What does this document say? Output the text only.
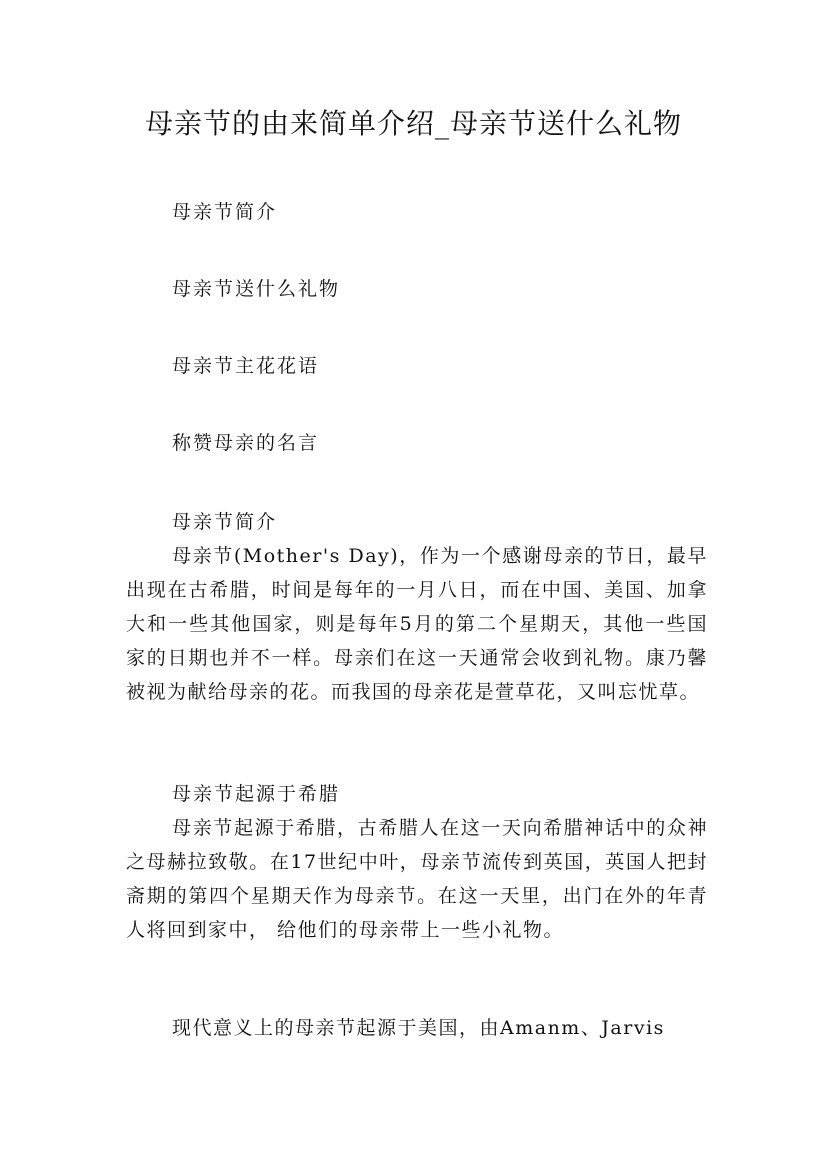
母亲节的由来简单介绍_母亲节送什么礼物
母亲节简介
母亲节送什么礼物
母亲节主花花语
称赞母亲的名言

母亲节简介

母亲节(Mother's Day)，作为一个感谢母亲的节日，最早出现在古希腊，时间是每年的一月八日，而在中国、美国、加拿大和一些其他国家，则是每年5月的第二个星期天，其他一些国家的日期也并不一样。母亲们在这一天通常会收到礼物。康乃馨被视为献给母亲的花。而我国的母亲花是萱草花，又叫忘忧草。

母亲节起源于希腊

母亲节起源于希腊，古希腊人在这一天向希腊神话中的众神之母赫拉致敬。在17世纪中叶，母亲节流传到英国，英国人把封斋期的第四个星期天作为母亲节。在这一天里，出门在外的年青人将回到家中， 给他们的母亲带上一些小礼物。

现代意义上的母亲节起源于美国，由Amanm、Jarvis
